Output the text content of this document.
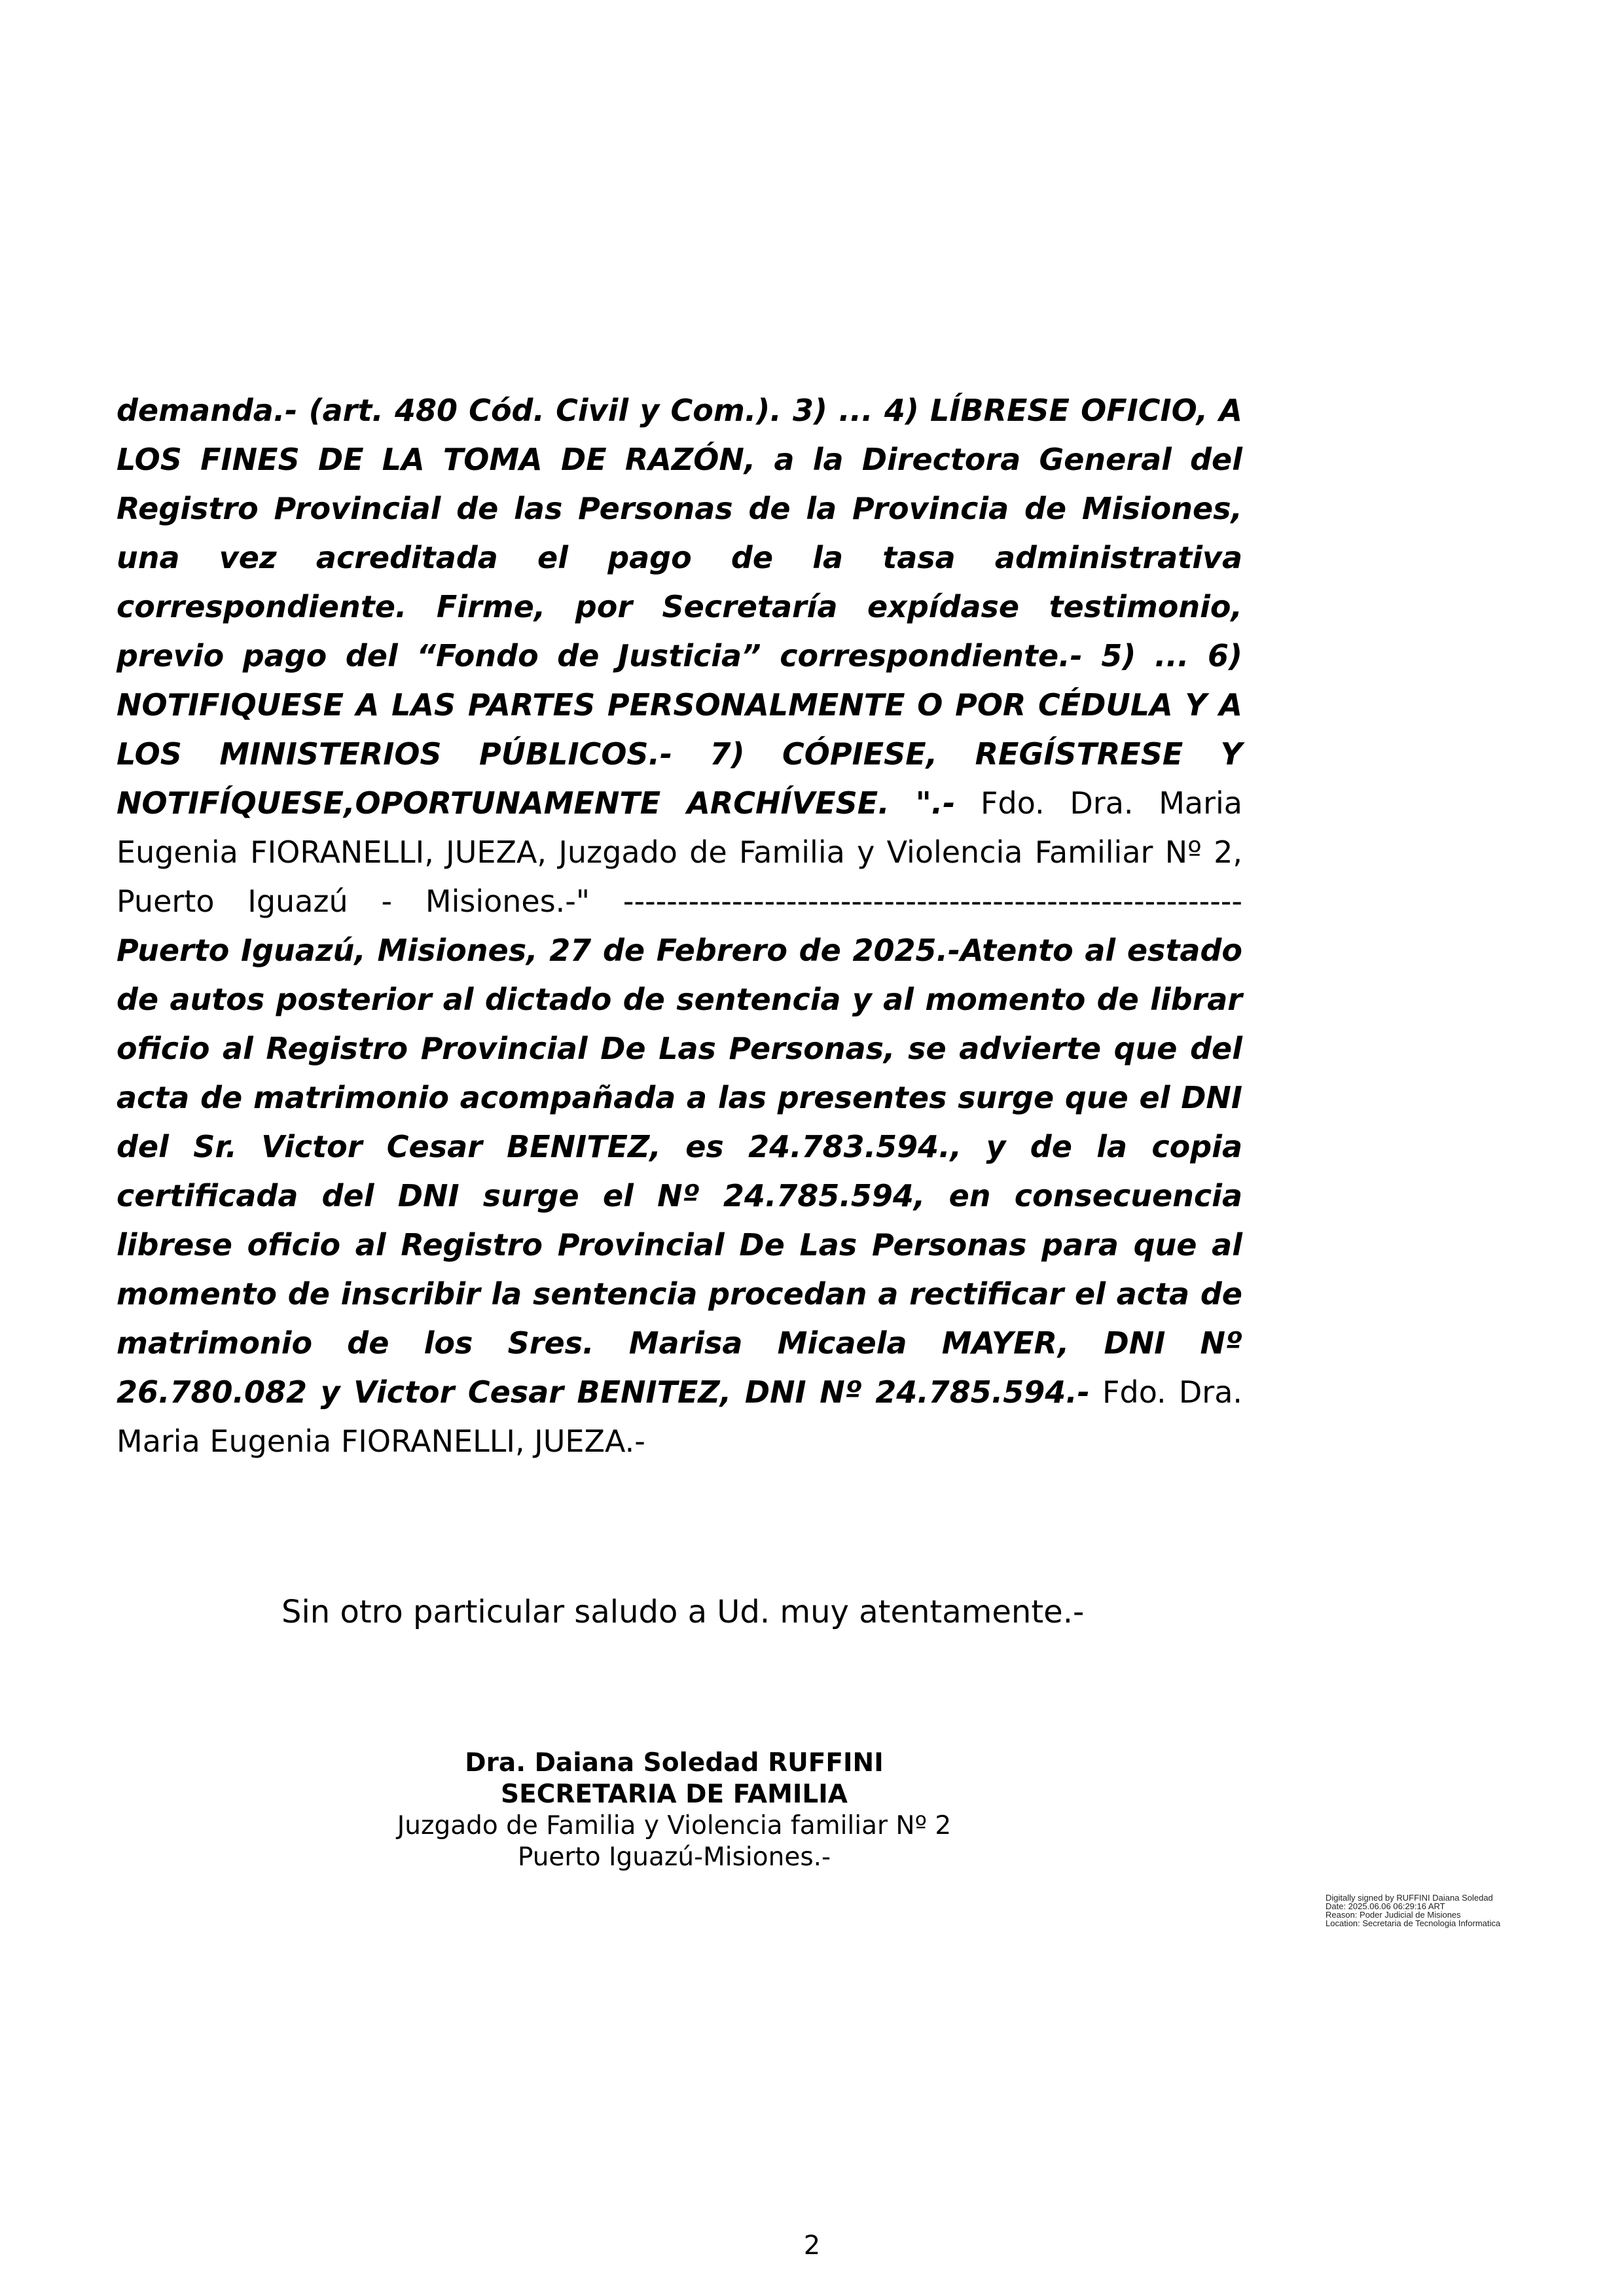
demanda.- (art. 480 Cód. Civil y Com.). 3) ... 4) LÍBRESE OFICIO, A LOS FINES DE LA TOMA DE RAZÓN, a la Directora General del Registro Provincial de las Personas de la Provincia de Misiones, una vez acreditada el pago de la tasa administrativa correspondiente. Firme, por Secretaría expídase testimonio, previo pago del “Fondo de Justicia” correspondiente.- 5) ... 6) NOTIFIQUESE A LAS PARTES PERSONALMENTE O POR CÉDULA Y A LOS MINISTERIOS PÚBLICOS.- 7) CÓPIESE, REGÍSTRESE Y NOTIFÍQUESE,OPORTUNAMENTE ARCHÍVESE. ".- Fdo. Dra. Maria Eugenia FIORANELLI, JUEZA, Juzgado de Familia y Violencia Familiar Nº 2, Puerto Iguazú - Misiones.-" ---------------------------------------------------------Puerto Iguazú, Misiones, 27 de Febrero de 2025.-Atento al estado de autos posterior al dictado de sentencia y al momento de librar oficio al Registro Provincial De Las Personas, se advierte que del acta de matrimonio acompañada a las presentes surge que el DNI del Sr. Victor Cesar BENITEZ, es 24.783.594., y de la copia certificada del DNI surge el Nº 24.785.594, en consecuencia librese oficio al Registro Provincial De Las Personas para que al momento de inscribir la sentencia procedan a rectificar el acta de matrimonio de los Sres. Marisa Micaela MAYER, DNI Nº 26.780.082 y Victor Cesar BENITEZ, DNI Nº 24.785.594.- Fdo. Dra. Maria Eugenia FIORANELLI, JUEZA.-

Sin otro particular saludo a Ud. muy atentamente.-
Dra. Daiana Soledad RUFFINI
SECRETARIA DE FAMILIA
Juzgado de Familia y Violencia familiar Nº 2
Puerto Iguazú-Misiones.-
Digitally signed by RUFFINI Daiana Soledad
Date: 2025.06.06 06:29:16 ART
Reason: Poder Judicial de Misiones
Location: Secretaria de Tecnologia Informatica
2
